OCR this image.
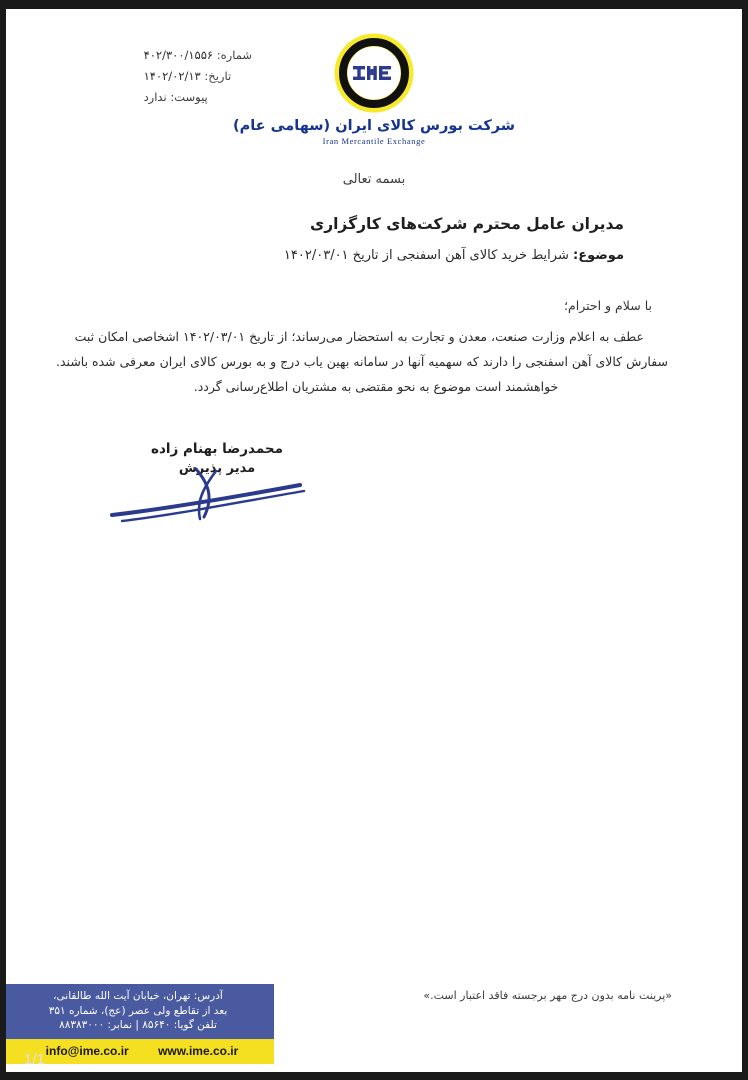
شماره: ۴۰۲/۳۰۰/۱۵۵۶
تاریخ: ۱۴۰۲/۰۲/۱۳
پیوست: ندارد
شرکت بورس کالای ایران (سهامی عام)
Iran Mercantile Exchange
بسمه تعالی
مدیران عامل محترم شرکت‌های کارگزاری
موضوع: شرایط خرید کالای آهن اسفنجی از تاریخ ۱۴۰۲/۰۳/۰۱
با سلام و احترام؛
عطف به اعلام وزارت صنعت، معدن و تجارت به استحضار می‌رساند؛ از تاریخ ۱۴۰۲/۰۳/۰۱ اشخاصی امکان ثبت
سفارش کالای آهن اسفنجی را دارند که سهمیه آنها در سامانه بهین یاب درج و به بورس کالای ایران معرفی شده باشند.
خواهشمند است موضوع به نحو مقتضی به مشتریان اطلاع‌رسانی گردد.
محمدرضا بهنام زاده
مدیر پذیرش
«پرینت نامه بدون درج مهر برجسته فاقد اعتبار است.»
آدرس: تهران، خیابان آیت الله طالقانی،
بعد از تقاطع ولی عصر (عج)، شماره ۳۵۱
تلفن گویا: ۸۵۶۴۰ | نمابر: ۸۸۳۸۳۰۰۰
info@ime.co.ir www.ime.co.ir
1/1
